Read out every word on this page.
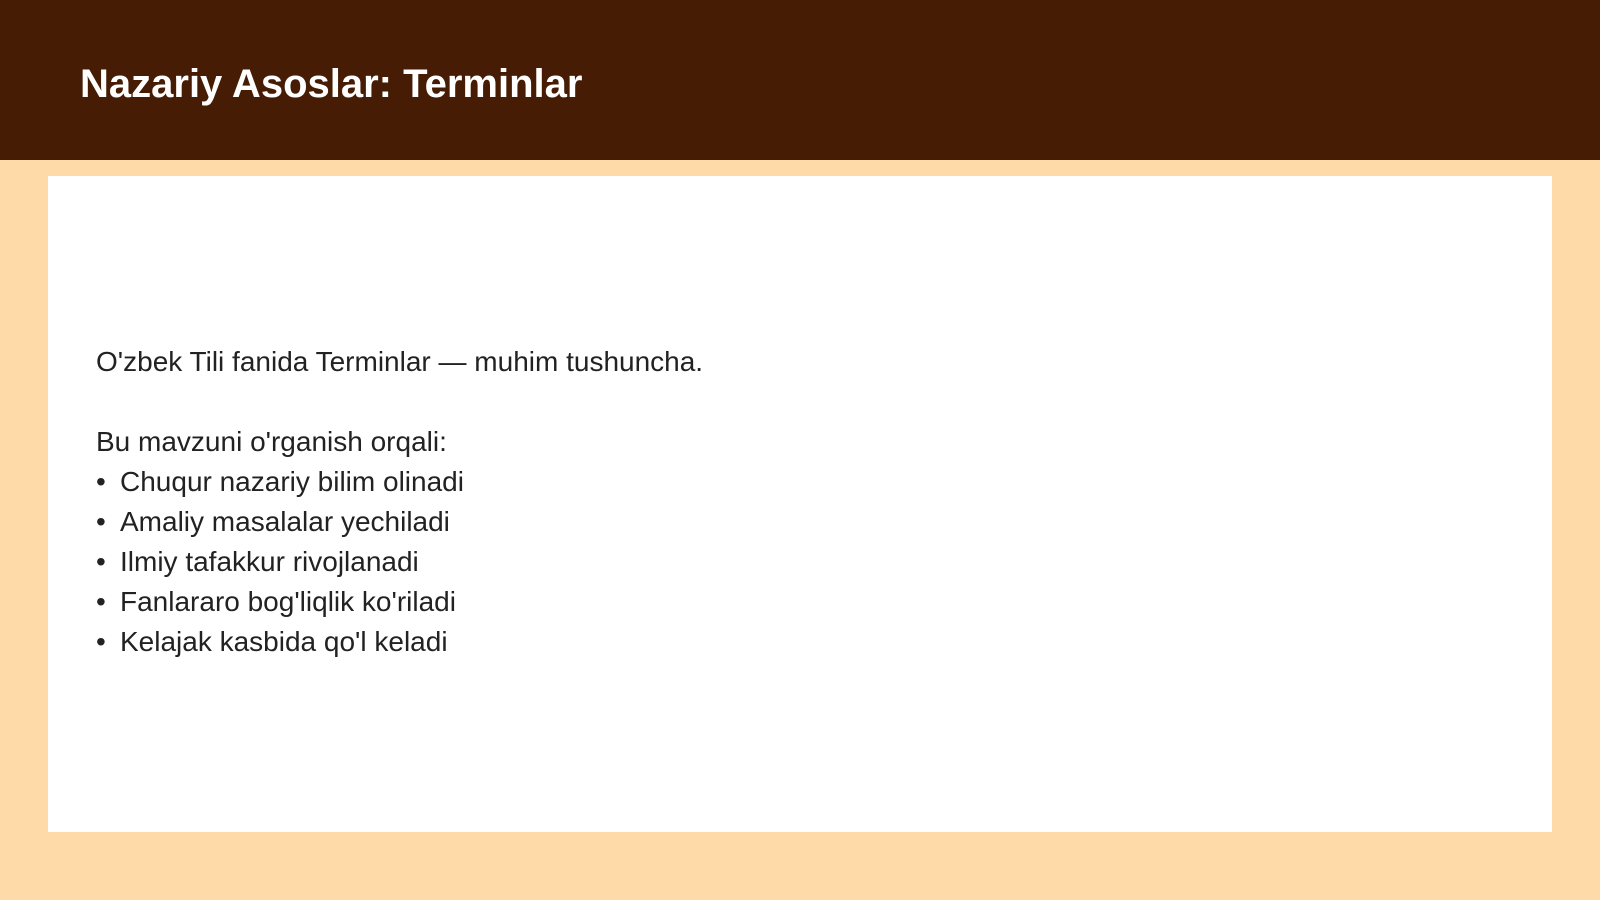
Nazariy Asoslar: Terminlar

O'zbek Tili fanida Terminlar — muhim tushuncha.

Bu mavzuni o'rganish orqali:

• Chuqur nazariy bilim olinadi
• Amaliy masalalar yechiladi
• Ilmiy tafakkur rivojlanadi
• Fanlararo bog'liqlik ko'riladi
• Kelajak kasbida qo'l keladi
